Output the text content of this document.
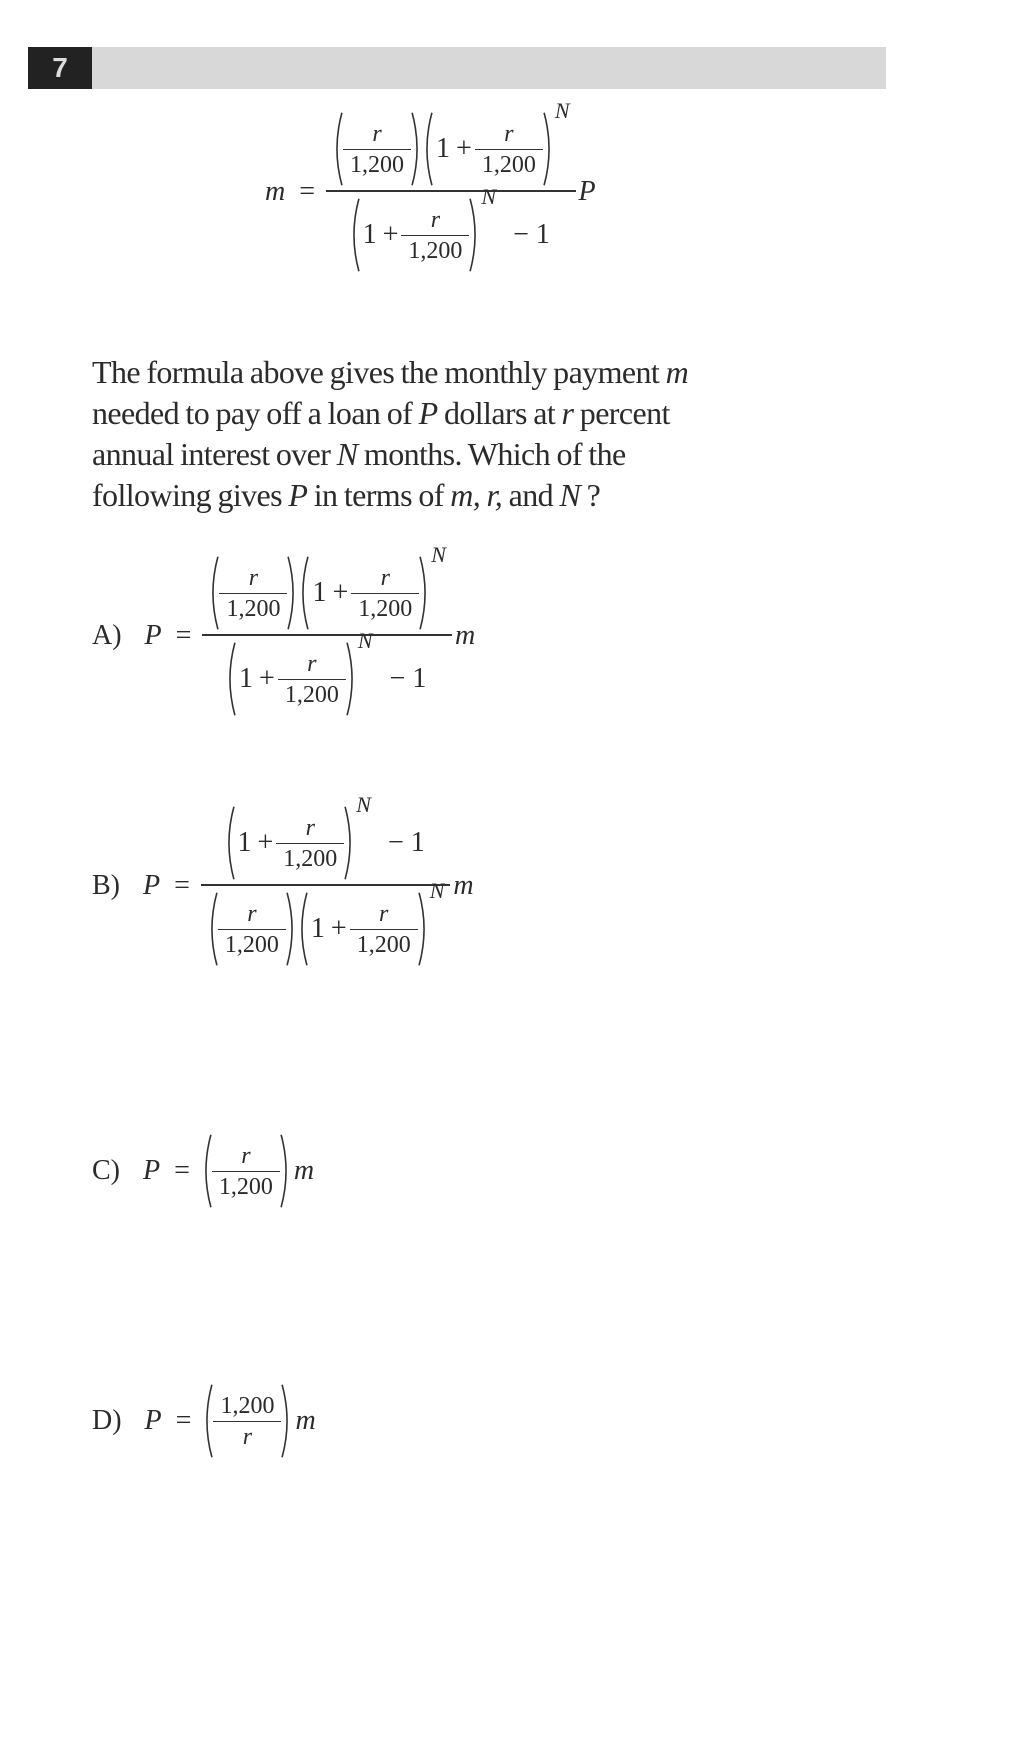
7
$m = \frac{r}{1,200} 1 + \frac{r}{1,200}$
N
$1 + \frac{r}{1,200}$
N
− 1 P
The formula above gives the monthly payment m
needed to pay off a loan of P dollars at r percent
annual interest over N months. Which of the
following gives P in terms of m, r, and N ?
A) $P = \frac{r}{1,200} 1 + \frac{r}{1,200}$
N
$1 + \frac{r}{1,200}$
N
− 1 m
B) $P = 1 + \frac{r}{1,200}$
N
− 1
$\frac{r}{1,200} 1 + \frac{r}{1,200}$
N m
C) $P = \frac{r}{1,200}$ m
D) $P = \frac{1,200}{r}$ m
